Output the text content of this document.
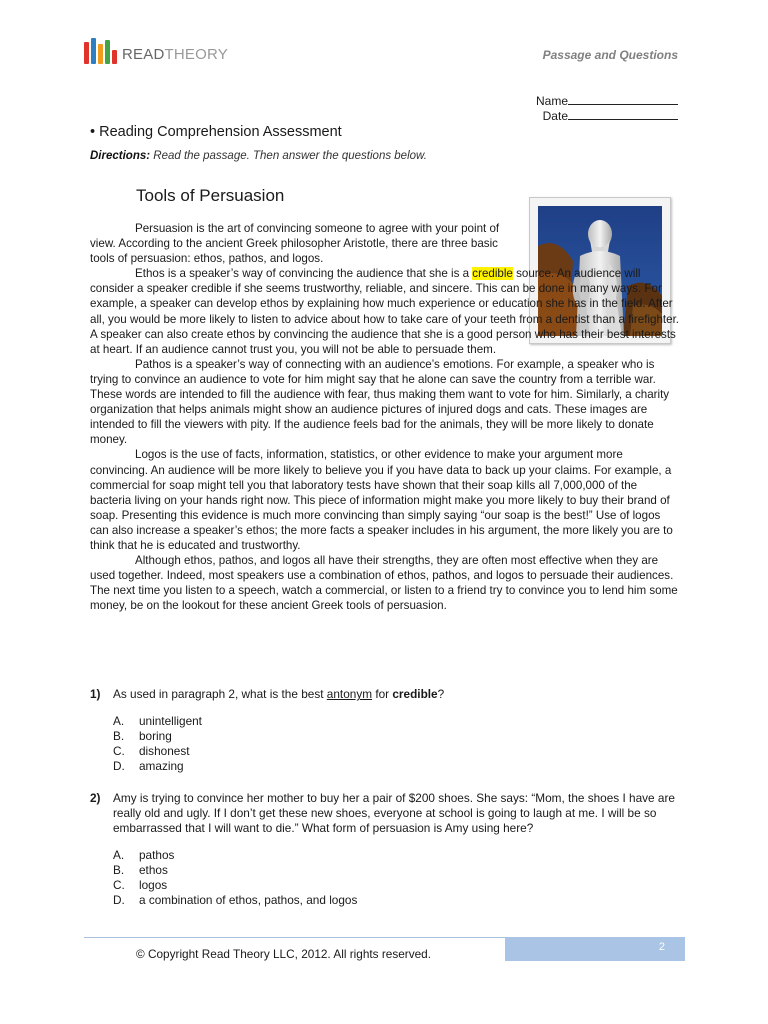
READTHEORY	Passage and Questions
Name
Date
• Reading Comprehension Assessment
Directions: Read the passage. Then answer the questions below.
Tools of Persuasion

Persuasion is the art of convincing someone to agree with your point of view. According to the ancient Greek philosopher Aristotle, there are three basic tools of persuasion: ethos, pathos, and logos.

Ethos is a speaker’s way of convincing the audience that she is a credible source. An audience will consider a speaker credible if she seems trustworthy, reliable, and sincere. This can be done in many ways. For example, a speaker can develop ethos by explaining how much experience or education she has in the field. After all, you would be more likely to listen to advice about how to take care of your teeth from a dentist than a firefighter. A speaker can also create ethos by convincing the audience that she is a good person who has their best interests at heart. If an audience cannot trust you, you will not be able to persuade them.

Pathos is a speaker’s way of connecting with an audience’s emotions. For example, a speaker who is trying to convince an audience to vote for him might say that he alone can save the country from a terrible war. These words are intended to fill the audience with fear, thus making them want to vote for him. Similarly, a charity organization that helps animals might show an audience pictures of injured dogs and cats. These images are intended to fill the viewers with pity. If the audience feels bad for the animals, they will be more likely to donate money.

Logos is the use of facts, information, statistics, or other evidence to make your argument more convincing. An audience will be more likely to believe you if you have data to back up your claims. For example, a commercial for soap might tell you that laboratory tests have shown that their soap kills all 7,000,000 of the bacteria living on your hands right now. This piece of information might make you more likely to buy their brand of soap. Presenting this evidence is much more convincing than simply saying “our soap is the best!” Use of logos can also increase a speaker’s ethos; the more facts a speaker includes in his argument, the more likely you are to think that he is educated and trustworthy.

Although ethos, pathos, and logos all have their strengths, they are often most effective when they are used together. Indeed, most speakers use a combination of ethos, pathos, and logos to persuade their audiences. The next time you listen to a speech, watch a commercial, or listen to a friend try to convince you to lend him some money, be on the lookout for these ancient Greek tools of persuasion.

1) As used in paragraph 2, what is the best antonym for credible?
A.	unintelligent
B.	boring
C.	dishonest
D.	amazing
2) Amy is trying to convince her mother to buy her a pair of $200 shoes. She says: “Mom, the shoes I have are really old and ugly. If I don’t get these new shoes, everyone at school is going to laugh at me. I will be so embarrassed that I will want to die.” What form of persuasion is Amy using here?
A.	pathos
B.	ethos
C.	logos
D.	a combination of ethos, pathos, and logos
2
© Copyright Read Theory LLC, 2012. All rights reserved.
